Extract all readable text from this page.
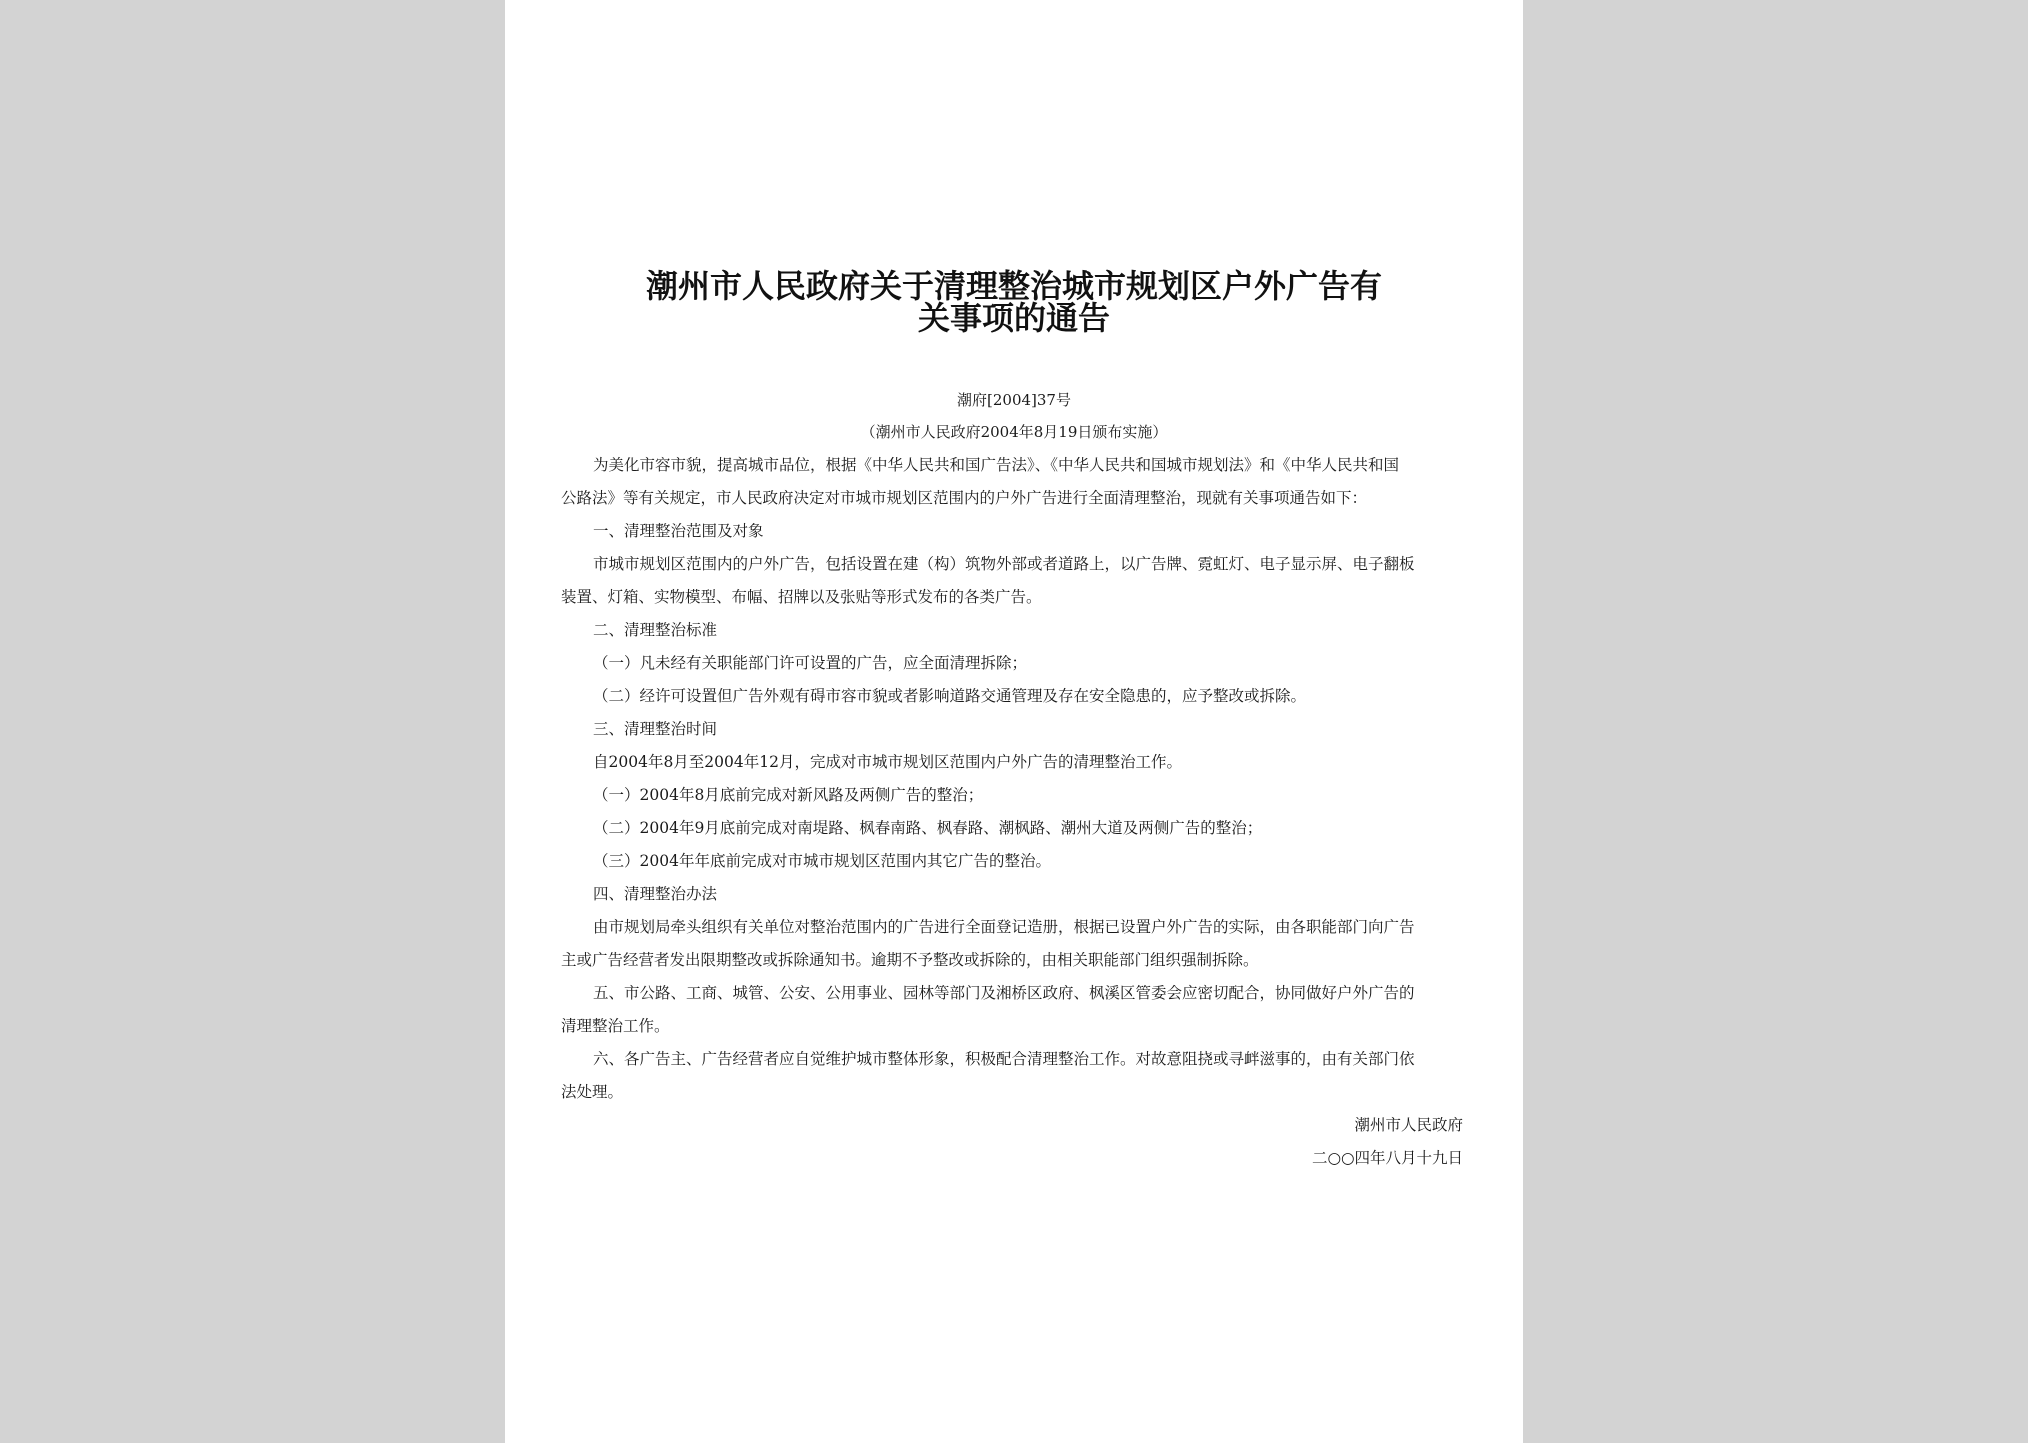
潮州市人民政府关于清理整治城市规划区户外广告有
关事项的通告
潮府[2004]37号
（潮州市人民政府2004年8月19日颁布实施）
为美化市容市貌，提高城市品位，根据《中华人民共和国广告法》、《中华人民共和国城市规划法》和《中华人民共和国
公路法》等有关规定，市人民政府决定对市城市规划区范围内的户外广告进行全面清理整治，现就有关事项通告如下：
一、清理整治范围及对象
市城市规划区范围内的户外广告，包括设置在建（构）筑物外部或者道路上，以广告牌、霓虹灯、电子显示屏、电子翻板
装置、灯箱、实物模型、布幅、招牌以及张贴等形式发布的各类广告。
二、清理整治标准
（一）凡未经有关职能部门许可设置的广告，应全面清理拆除；
（二）经许可设置但广告外观有碍市容市貌或者影响道路交通管理及存在安全隐患的，应予整改或拆除。
三、清理整治时间
自2004年8月至2004年12月，完成对市城市规划区范围内户外广告的清理整治工作。
（一）2004年8月底前完成对新风路及两侧广告的整治；
（二）2004年9月底前完成对南堤路、枫春南路、枫春路、潮枫路、潮州大道及两侧广告的整治；
（三）2004年年底前完成对市城市规划区范围内其它广告的整治。
四、清理整治办法
由市规划局牵头组织有关单位对整治范围内的广告进行全面登记造册，根据已设置户外广告的实际，由各职能部门向广告
主或广告经营者发出限期整改或拆除通知书。逾期不予整改或拆除的，由相关职能部门组织强制拆除。
五、市公路、工商、城管、公安、公用事业、园林等部门及湘桥区政府、枫溪区管委会应密切配合，协同做好户外广告的
清理整治工作。
六、各广告主、广告经营者应自觉维护城市整体形象，积极配合清理整治工作。对故意阻挠或寻衅滋事的，由有关部门依
法处理。
潮州市人民政府
二○○四年八月十九日
